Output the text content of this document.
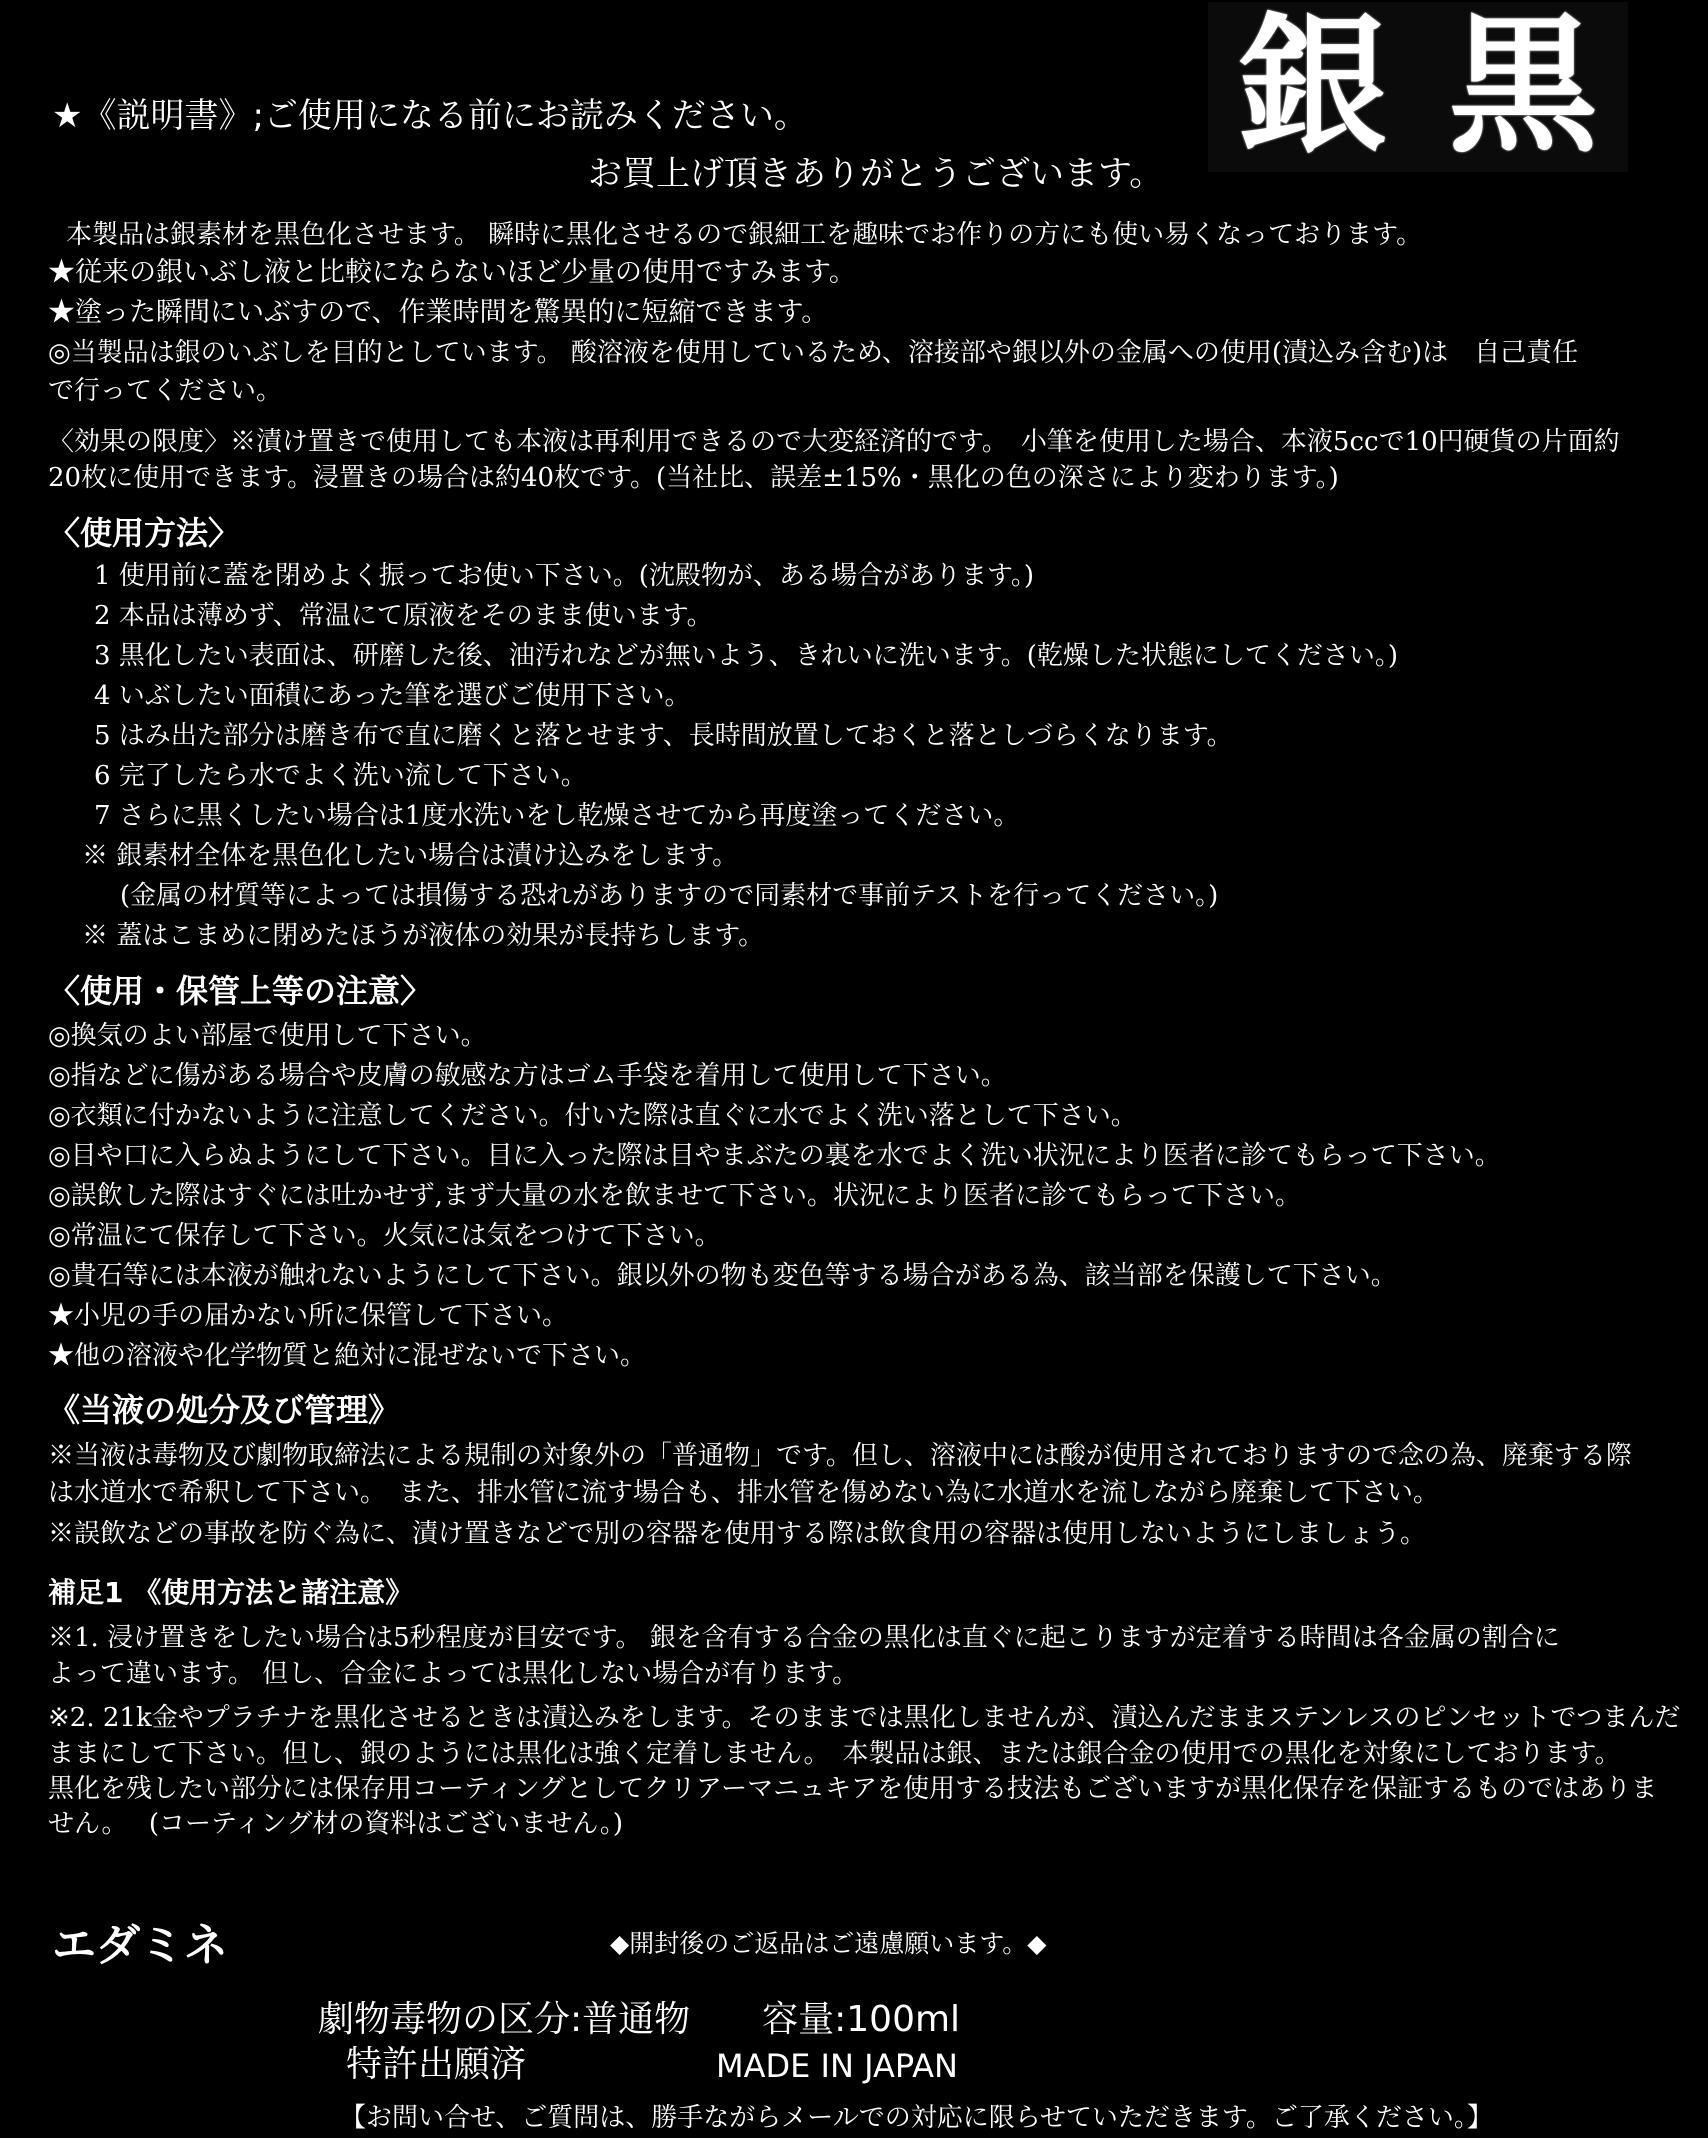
銀 黒
★《説明書》;ご使用になる前にお読みください。
お買上げ頂きありがとうございます。
本製品は銀素材を黒色化させます。 瞬時に黒化させるので銀細工を趣味でお作りの方にも使い易くなっております。
★従来の銀いぶし液と比較にならないほど少量の使用ですみます。
★塗った瞬間にいぶすので、作業時間を驚異的に短縮できます。
◎当製品は銀のいぶしを目的としています。 酸溶液を使用しているため、溶接部や銀以外の金属への使用(漬込み含む)は　自己責任
で行ってください。
〈効果の限度〉※漬け置きで使用しても本液は再利用できるので大変経済的です。　小筆を使用した場合、本液5ccで10円硬貨の片面約
20枚に使用できます。浸置きの場合は約40枚です。(当社比、誤差±15%・黒化の色の深さにより変わります。)
〈使用方法〉
1 使用前に蓋を閉めよく振ってお使い下さい。(沈殿物が、ある場合があります。)
2 本品は薄めず、常温にて原液をそのまま使います。
3 黒化したい表面は、研磨した後、油汚れなどが無いよう、きれいに洗います。(乾燥した状態にしてください。)
4 いぶしたい面積にあった筆を選びご使用下さい。
5 はみ出た部分は磨き布で直に磨くと落とせます、長時間放置しておくと落としづらくなります。
6 完了したら水でよく洗い流して下さい。
7 さらに黒くしたい場合は1度水洗いをし乾燥させてから再度塗ってください。
※ 銀素材全体を黒色化したい場合は漬け込みをします。
(金属の材質等によっては損傷する恐れがありますので同素材で事前テストを行ってください。)
※ 蓋はこまめに閉めたほうが液体の効果が長持ちします。
〈使用・保管上等の注意〉
◎換気のよい部屋で使用して下さい。
◎指などに傷がある場合や皮膚の敏感な方はゴム手袋を着用して使用して下さい。
◎衣類に付かないように注意してください。付いた際は直ぐに水でよく洗い落として下さい。
◎目や口に入らぬようにして下さい。目に入った際は目やまぶたの裏を水でよく洗い状況により医者に診てもらって下さい。
◎誤飲した際はすぐには吐かせず,まず大量の水を飲ませて下さい。状況により医者に診てもらって下さい。
◎常温にて保存して下さい。火気には気をつけて下さい。
◎貴石等には本液が触れないようにして下さい。銀以外の物も変色等する場合がある為、該当部を保護して下さい。
★小児の手の届かない所に保管して下さい。
★他の溶液や化学物質と絶対に混ぜないで下さい。
《当液の処分及び管理》
※当液は毒物及び劇物取締法による規制の対象外の「普通物」です。但し、溶液中には酸が使用されておりますので念の為、廃棄する際
は水道水で希釈して下さい。　また、排水管に流す場合も、排水管を傷めない為に水道水を流しながら廃棄して下さい。
※誤飲などの事故を防ぐ為に、漬け置きなどで別の容器を使用する際は飲食用の容器は使用しないようにしましょう。
補足1 《使用方法と諸注意》
※1. 浸け置きをしたい場合は5秒程度が目安です。 銀を含有する合金の黒化は直ぐに起こりますが定着する時間は各金属の割合に
よって違います。 但し、合金によっては黒化しない場合が有ります。
※2. 21k金やプラチナを黒化させるときは漬込みをします。そのままでは黒化しませんが、漬込んだままステンレスのピンセットでつまんだ
ままにして下さい。但し、銀のようには黒化は強く定着しません。　本製品は銀、または銀合金の使用での黒化を対象にしております。
黒化を残したい部分には保存用コーティングとしてクリアーマニュキアを使用する技法もございますが黒化保存を保証するものではありま
せん。　 (コーティング材の資料はございません。)
エダミネ	◆開封後のご返品はご遠慮願います。◆
劇物毒物の区分:普通物　　容量:100ml
特許出願済	MADE IN JAPAN
【お問い合せ、ご質問は、勝手ながらメールでの対応に限らせていただきます。ご了承ください。】
